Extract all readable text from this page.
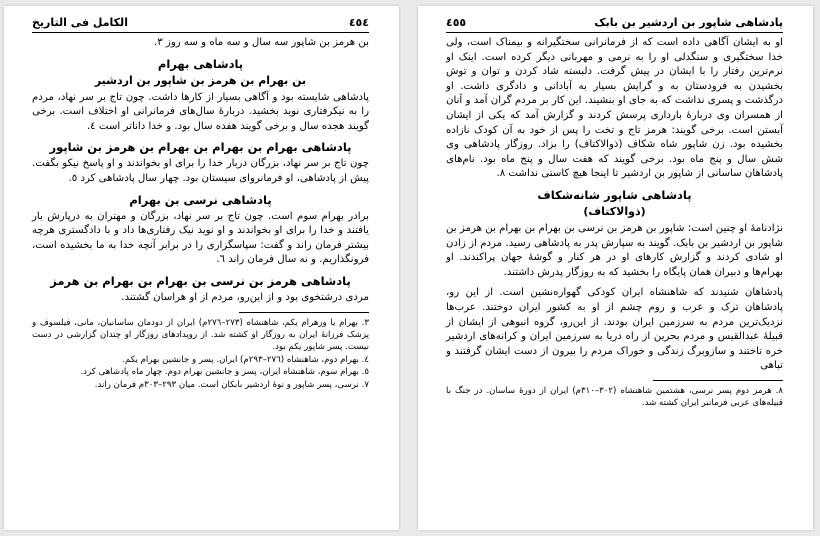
الکامل فی التاریخ	٤٥٤

بن هرمز بن شاپور سه سال و سه ماه و سه روز ٣.

پادشاهی بهرام
بن بهرام بن هرمز بن شاپور بن اردشیر

پادشاهی شایسته بود و آگاهی بسیار از کارها داشت. چون تاج بر سر نهاد، مردم را به نیکرفتاری نوید بخشید. دربارهٔ سال‌های فرمانرانی او اختلاف است. برخی گویند هجده سال و برخی گویند هفده سال بود. و خدا داناتر است ٤.

پادشاهی بهرام بن بهرام بن بهرام بن هرمز بن شاپور

چون تاج بر سر نهاد، بزرگان دربار خدا را برای او بخواندند و او پاسخ نیکو بگفت. پیش از پادشاهی، او فرمانروای سیستان بود. چهار سال پادشاهی کرد ٥.

پادشاهی نرسی بن بهرام

برادر بهرام سوم است. چون تاج بر سر نهاد، بزرگان و مهتران به درپارش بار یافتند و خدا را برای او بخواندند و او نوید نیک رفتاری‌ها داد و با دادگستری هرچه بیشتر فرمان راند و گفت: سپاسگزاری را در برابر آنچه خدا به ما بخشیده است، فرونگذاریم. و نه سال فرمان راند ٦.

پادشاهی هرمز بن نرسی بن بهرام بن بهرام بن هرمز

مردی درشتخوی بود و از این‌رو، مردم از او هراسان گشتند.

٣. بهرام یا ورهرام یکم، شاهنشاه (٢٧٣–٢٧٦م) ایران از دودمان ساسانیان، مانی، فیلسوف و پزشک فرزانهٔ ایران به روزگار او کشته شد. از رویدادهای روزگار او چندان گزارشی در دست نیست. پسر شاپور یکم بود.

٤. بهرام دوم، شاهنشاه (٢٧٦–٢٩٣م) ایران. پسر و جانشین بهرام یکم.

٥. بهرام سوم، شاهنشاه ایران، پسر و جانشین بهرام دوم. چهار ماه پادشاهی کرد.

٧. نرسی، پسر شاپور و نوهٔ اردشیر بابکان است. میان ٢٩٣–٣٠٣م فرمان راند.

پادشاهی شاپور بن اردشیر بن بابک
٤٥٥

او به ایشان آگاهی داده است که از فرمانرانی سختگیرانه و بیمناک است، ولی خدا سختگیری و سنگدلی او را به نرمی و مهربانی دیگر کرده است. اینک او نرم‌ترین رفتار را با ایشان در پیش گرفت. دلبسته شاد کردن و توان و توش بخشیدن به فرودستان به و گرایش بسیار به آبادانی و دادگری داشت. او درگذشت و پسری نداشت که به جای او بنشیند. این کار بر مردم گران آمد و آنان از همسران وی دربارهٔ بارداری پرسش کردند و گزارش آمد که یکی از ایشان آبستن است. برخی گویند: هرمز تاج و تخت را پس از خود به آن کودک نازاده بخشیده بود. زن شاپور شاه شکاف (ذوالاکتاف) را بزاد. روزگار پادشاهی وی شش سال و پنج ماه بود. برخی گویند که هفت سال و پنج ماه بود. نام‌های پادشاهان ساسانی از شاپور بن اردشیر تا اینجا هیچ کاستی نداشت ٨.

پادشاهی شاپور شانه‌شکاف
(ذوالاکتاف)

نژادنامهٔ او چنین است: شاپور بن هرمز بن نرسی بن بهرام بن بهرام بن هرمز بن شاپور بن اردشیر بن بابک. گویند به سپارش پدر به پادشاهی رسید. مردم از زادن او شادی کردند و گزارش کارهای او در هر کنار و گوشهٔ جهان پراکندند. او بهرام‌ها و دبیران همان پایگاه را بخشید که به روزگار پدرش داشتند.

پادشاهان شنیدند که شاهنشاه ایران کودکی گهواره‌نشین است. از این رو، پادشاهان ترک و عرب و روم چشم از او به کشور ایران دوختند. عرب‌ها نزدیک‌ترین مردم به سرزمین ایران بودند. از این‌رو، گروه انبوهی از ایشان از قبیلهٔ عبدالقیس و مردم بحرین از راه دریا به سرزمین ایران و کرانه‌های اردشیر خره تاختند و سازوبرگ زندگی و خوراک مردم را بیرون از دست ایشان گرفتند و تباهی

٨. هرمز دوم پسر نرسی، هشتمین شاهنشاه (٣٠٢–٣١٠م) ایران از دورهٔ ساسان. در جنگ با قبیله‌های عربی فرمانبر ایران کشته شد.
